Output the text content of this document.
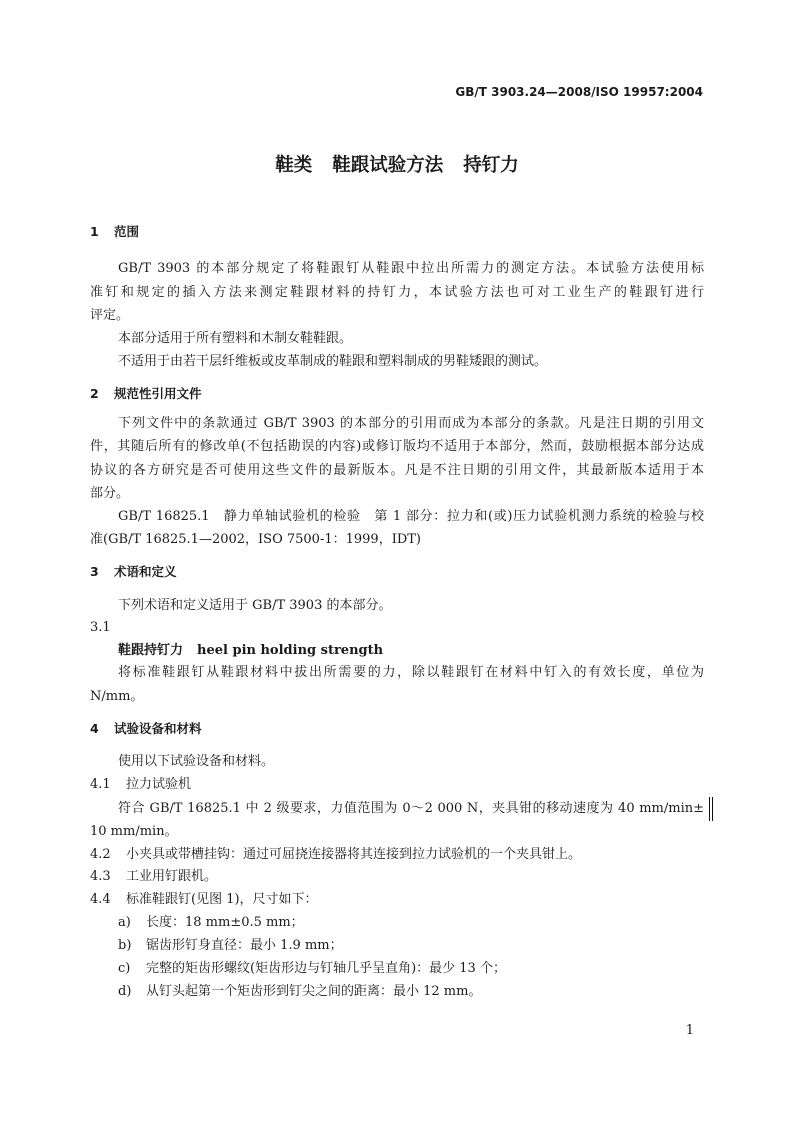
GB/T 3903.24—2008/ISO 19957:2004
鞋类 鞋跟试验方法 持钉力
1 范围
GB/T 3903 的本部分规定了将鞋跟钉从鞋跟中拉出所需力的测定方法。本试验方法使用标
准钉和规定的插入方法来测定鞋跟材料的持钉力，本试验方法也可对工业生产的鞋跟钉进行
评定。
本部分适用于所有塑料和木制女鞋鞋跟。
不适用于由若干层纤维板或皮革制成的鞋跟和塑料制成的男鞋矮跟的测试。
2 规范性引用文件
下列文件中的条款通过 GB/T 3903 的本部分的引用而成为本部分的条款。凡是注日期的引用文
件，其随后所有的修改单(不包括勘误的内容)或修订版均不适用于本部分，然而，鼓励根据本部分达成
协议的各方研究是否可使用这些文件的最新版本。凡是不注日期的引用文件，其最新版本适用于本
部分。
GB/T 16825.1　静力单轴试验机的检验　第 1 部分：拉力和(或)压力试验机测力系统的检验与校
准(GB/T 16825.1—2002，ISO 7500-1：1999，IDT)
3 术语和定义
下列术语和定义适用于 GB/T 3903 的本部分。
3.1
鞋跟持钉力 heel pin holding strength
将标准鞋跟钉从鞋跟材料中拔出所需要的力，除以鞋跟钉在材料中钉入的有效长度，单位为
N/mm。
4 试验设备和材料
使用以下试验设备和材料。
4.1 拉力试验机
符合 GB/T 16825.1 中 2 级要求，力值范围为 0～2 000 N，夹具钳的移动速度为 40 mm/min±
10 mm/min。
4.2 小夹具或带槽挂钩：通过可屈挠连接器将其连接到拉力试验机的一个夹具钳上。
4.3 工业用钉跟机。
4.4 标准鞋跟钉(见图 1)，尺寸如下：
a) 长度：18 mm±0.5 mm；
b) 锯齿形钉身直径：最小 1.9 mm；
c) 完整的矩齿形螺纹(矩齿形边与钉轴几乎呈直角)：最少 13 个；
d) 从钉头起第一个矩齿形到钉尖之间的距离：最小 12 mm。
1
